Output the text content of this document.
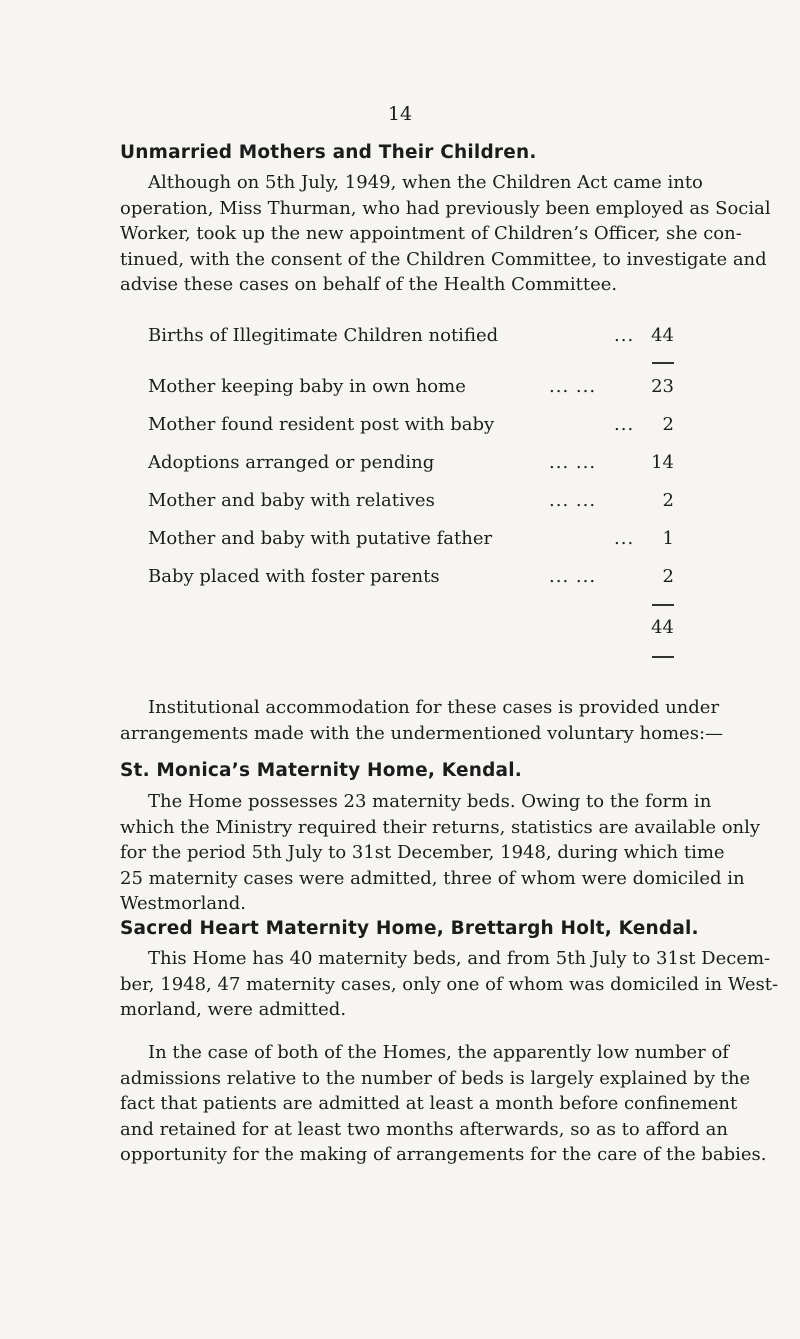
14
Unmarried Mothers and Their Children.
Although on 5th July, 1949, when the Children Act came into
operation, Miss Thurman, who had previously been employed as Social
Worker, took up the new appointment of Children’s Officer, she con-
tinued, with the consent of the Children Committee, to investigate and
advise these cases on behalf of the Health Committee.
Births of Illegitimate Children notified	... 44
Mother keeping baby in own home	... ...	23
Mother found resident post with baby	... 2
Adoptions arranged or pending	... ...	14
Mother and baby with relatives	... ...	2
Mother and baby with putative father	... 1
Baby placed with foster parents	... ...	2
44
Institutional accommodation for these cases is provided under
arrangements made with the undermentioned voluntary homes:—
St. Monica’s Maternity Home, Kendal.
The Home possesses 23 maternity beds. Owing to the form in
which the Ministry required their returns, statistics are available only
for the period 5th July to 31st December, 1948, during which time
25 maternity cases were admitted, three of whom were domiciled in
Westmorland.
Sacred Heart Maternity Home, Brettargh Holt, Kendal.
This Home has 40 maternity beds, and from 5th July to 31st Decem-
ber, 1948, 47 maternity cases, only one of whom was domiciled in West-
morland, were admitted.
In the case of both of the Homes, the apparently low number of
admissions relative to the number of beds is largely explained by the
fact that patients are admitted at least a month before confinement
and retained for at least two months afterwards, so as to afford an
opportunity for the making of arrangements for the care of the babies.
